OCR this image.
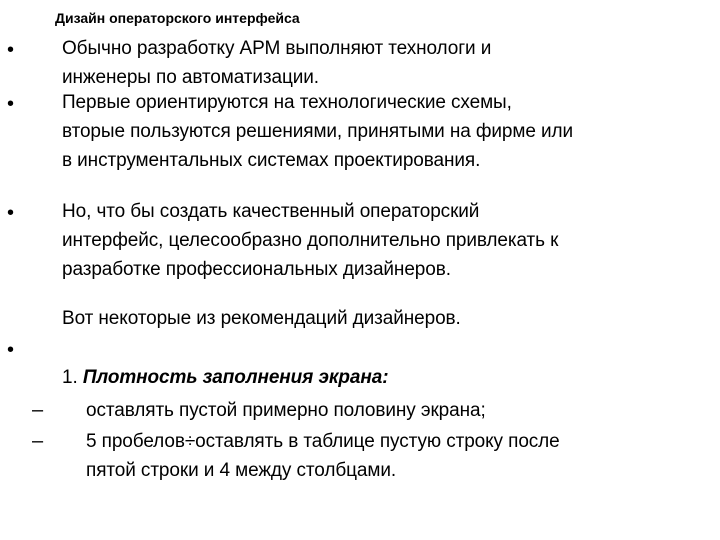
Дизайн операторского интерфейса
•	Обычно разработку АРМ выполняют технологи и
инженеры по автоматизации.
•	Первые ориентируются на технологические схемы,
вторые пользуются решениями, принятыми на фирме или
в инструментальных системах проектирования.
•	Но, что бы создать качественный операторский
интерфейс, целесообразно дополнительно привлекать к
разработке профессиональных дизайнеров.
Вот некоторые из рекомендаций дизайнеров.
•
1. Плотность заполнения экрана:
– оставлять пустой примерно половину экрана;
– 5 пробелов÷оставлять в таблице пустую строку после
пятой строки и 4 между столбцами.
